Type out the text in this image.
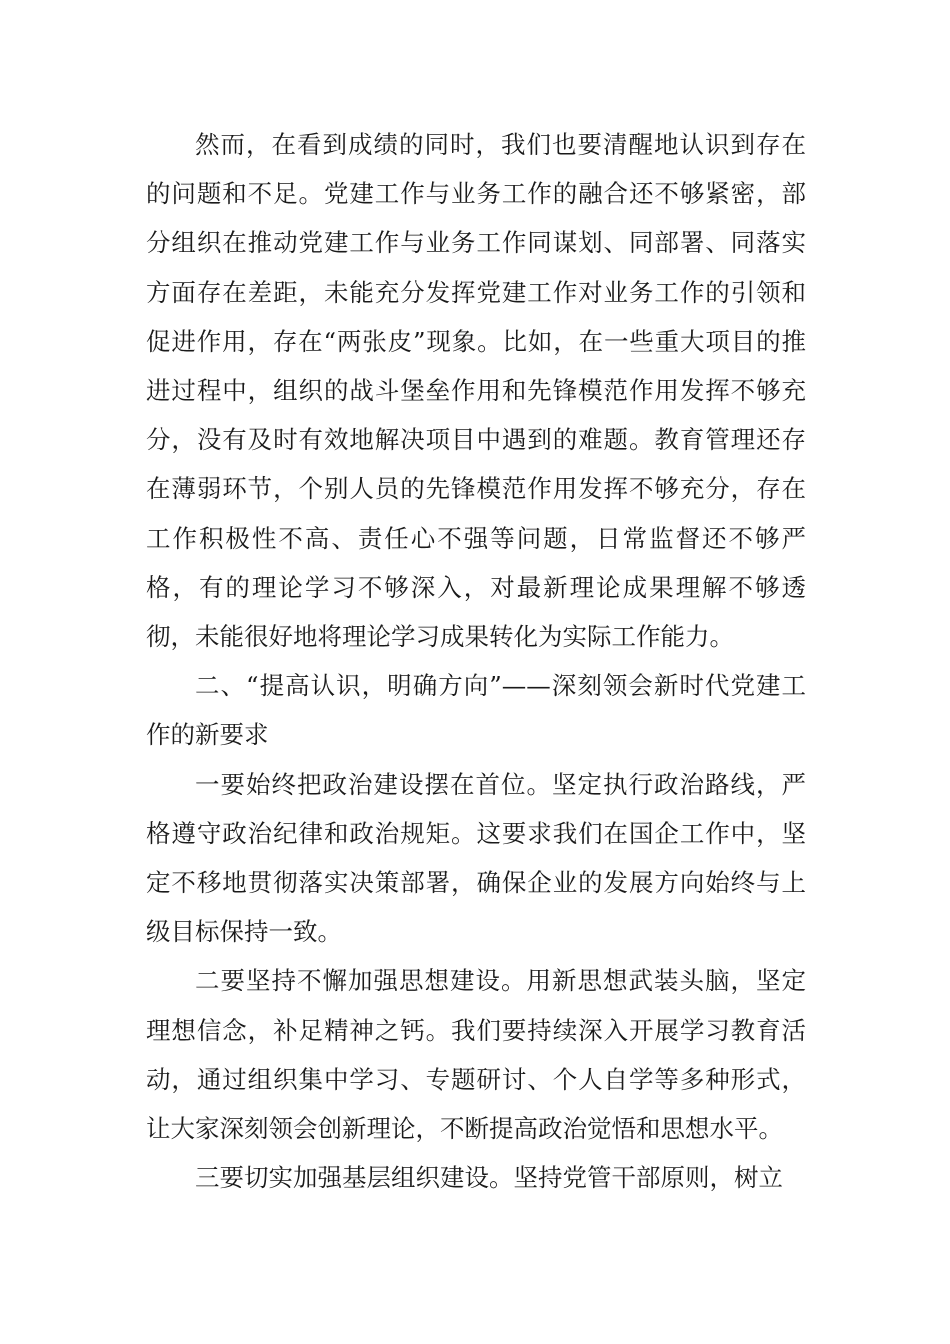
然而，在看到成绩的同时，我们也要清醒地认识到存在的问题和不足。党建工作与业务工作的融合还不够紧密，部分组织在推动党建工作与业务工作同谋划、同部署、同落实方面存在差距，未能充分发挥党建工作对业务工作的引领和促进作用，存在“两张皮”现象。比如，在一些重大项目的推进过程中，组织的战斗堡垒作用和先锋模范作用发挥不够充分，没有及时有效地解决项目中遇到的难题。教育管理还存在薄弱环节，个别人员的先锋模范作用发挥不够充分，存在工作积极性不高、责任心不强等问题，日常监督还不够严格，有的理论学习不够深入，对最新理论成果理解不够透彻，未能很好地将理论学习成果转化为实际工作能力。

二、“提高认识，明确方向”——深刻领会新时代党建工作的新要求

一要始终把政治建设摆在首位。坚定执行政治路线，严格遵守政治纪律和政治规矩。这要求我们在国企工作中，坚定不移地贯彻落实决策部署，确保企业的发展方向始终与上级目标保持一致。

二要坚持不懈加强思想建设。用新思想武装头脑，坚定理想信念，补足精神之钙。我们要持续深入开展学习教育活动，通过组织集中学习、专题研讨、个人自学等多种形式，让大家深刻领会创新理论，不断提高政治觉悟和思想水平。

三要切实加强基层组织建设。坚持党管干部原则，树立
